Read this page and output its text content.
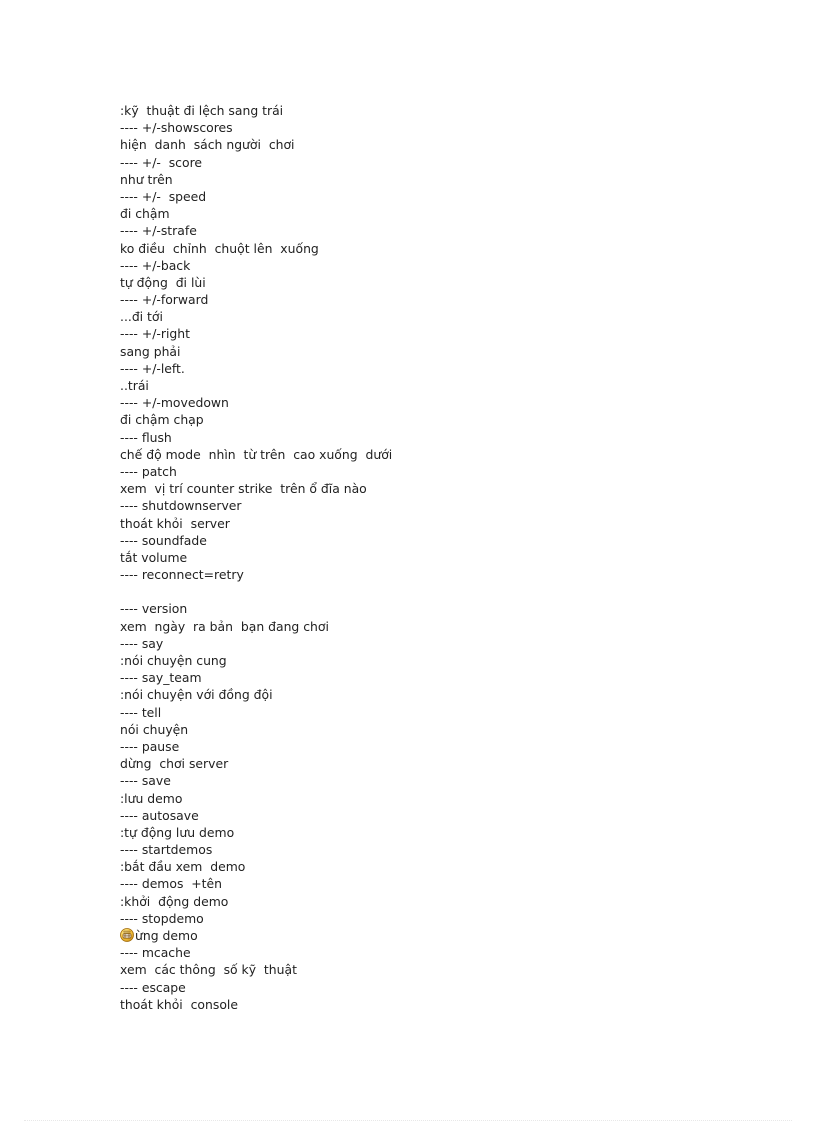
:kỹ  thuật đi lệch sang trái
---- +/-showscores
hiện  danh  sách người  chơi
---- +/-  score
như trên
---- +/-  speed
đi chậm
---- +/-strafe
ko điều  chỉnh  chuột lên  xuống
---- +/-back
tự động  đi lùi
---- +/-forward
...đi tới
---- +/-right
sang phải
---- +/-left.
..trái
---- +/-movedown
đi chậm chạp
---- flush
chế độ mode  nhìn  từ trên  cao xuống  dưới
---- patch
xem  vị trí counter strike  trên ổ đĩa nào
---- shutdownserver
thoát khỏi  server
---- soundfade
tắt volume
---- reconnect=retry
---- version
xem  ngày  ra bản  bạn đang chơi
---- say
:nói chuyện cung
---- say_team
:nói chuyện với đồng đội
---- tell
nói chuyện
---- pause
dừng  chơi server
---- save
:lưu demo
---- autosave
:tự động lưu demo
---- startdemos
:bắt đầu xem  demo
---- demos  +tên
:khởi  động demo
---- stopdemo
ừng demo
---- mcache
xem  các thông  số kỹ  thuật
---- escape
thoát khỏi  console
